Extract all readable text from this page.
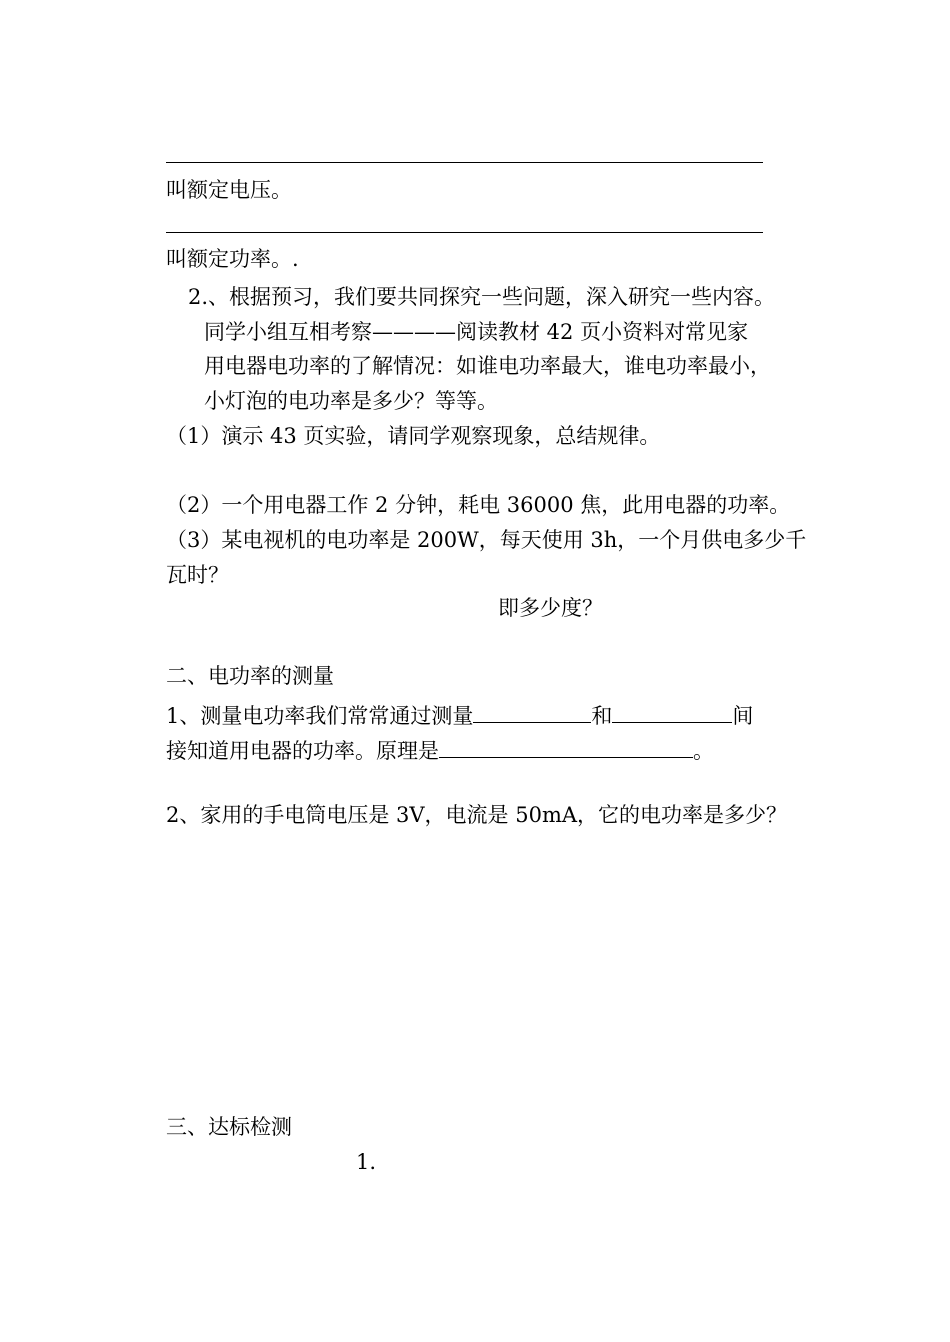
叫额定电压。
叫额定功率。.
2.、根据预习，我们要共同探究一些问题，深入研究一些内容。
同学小组互相考察————阅读教材 42 页小资料对常见家
用电器电功率的了解情况：如谁电功率最大，谁电功率最小，
小灯泡的电功率是多少？等等。
（1）演示 43 页实验，请同学观察现象，总结规律。
（2）一个用电器工作 2 分钟，耗电 36000 焦，此用电器的功率。
（3）某电视机的电功率是 200W，每天使用 3h，一个月供电多少千
瓦时？
即多少度？
二、电功率的测量
1、测量电功率我们常常通过测量	和	间
接知道用电器的功率。原理是	。
2、家用的手电筒电压是 3V，电流是 50mA，它的电功率是多少？
三、达标检测
1.
